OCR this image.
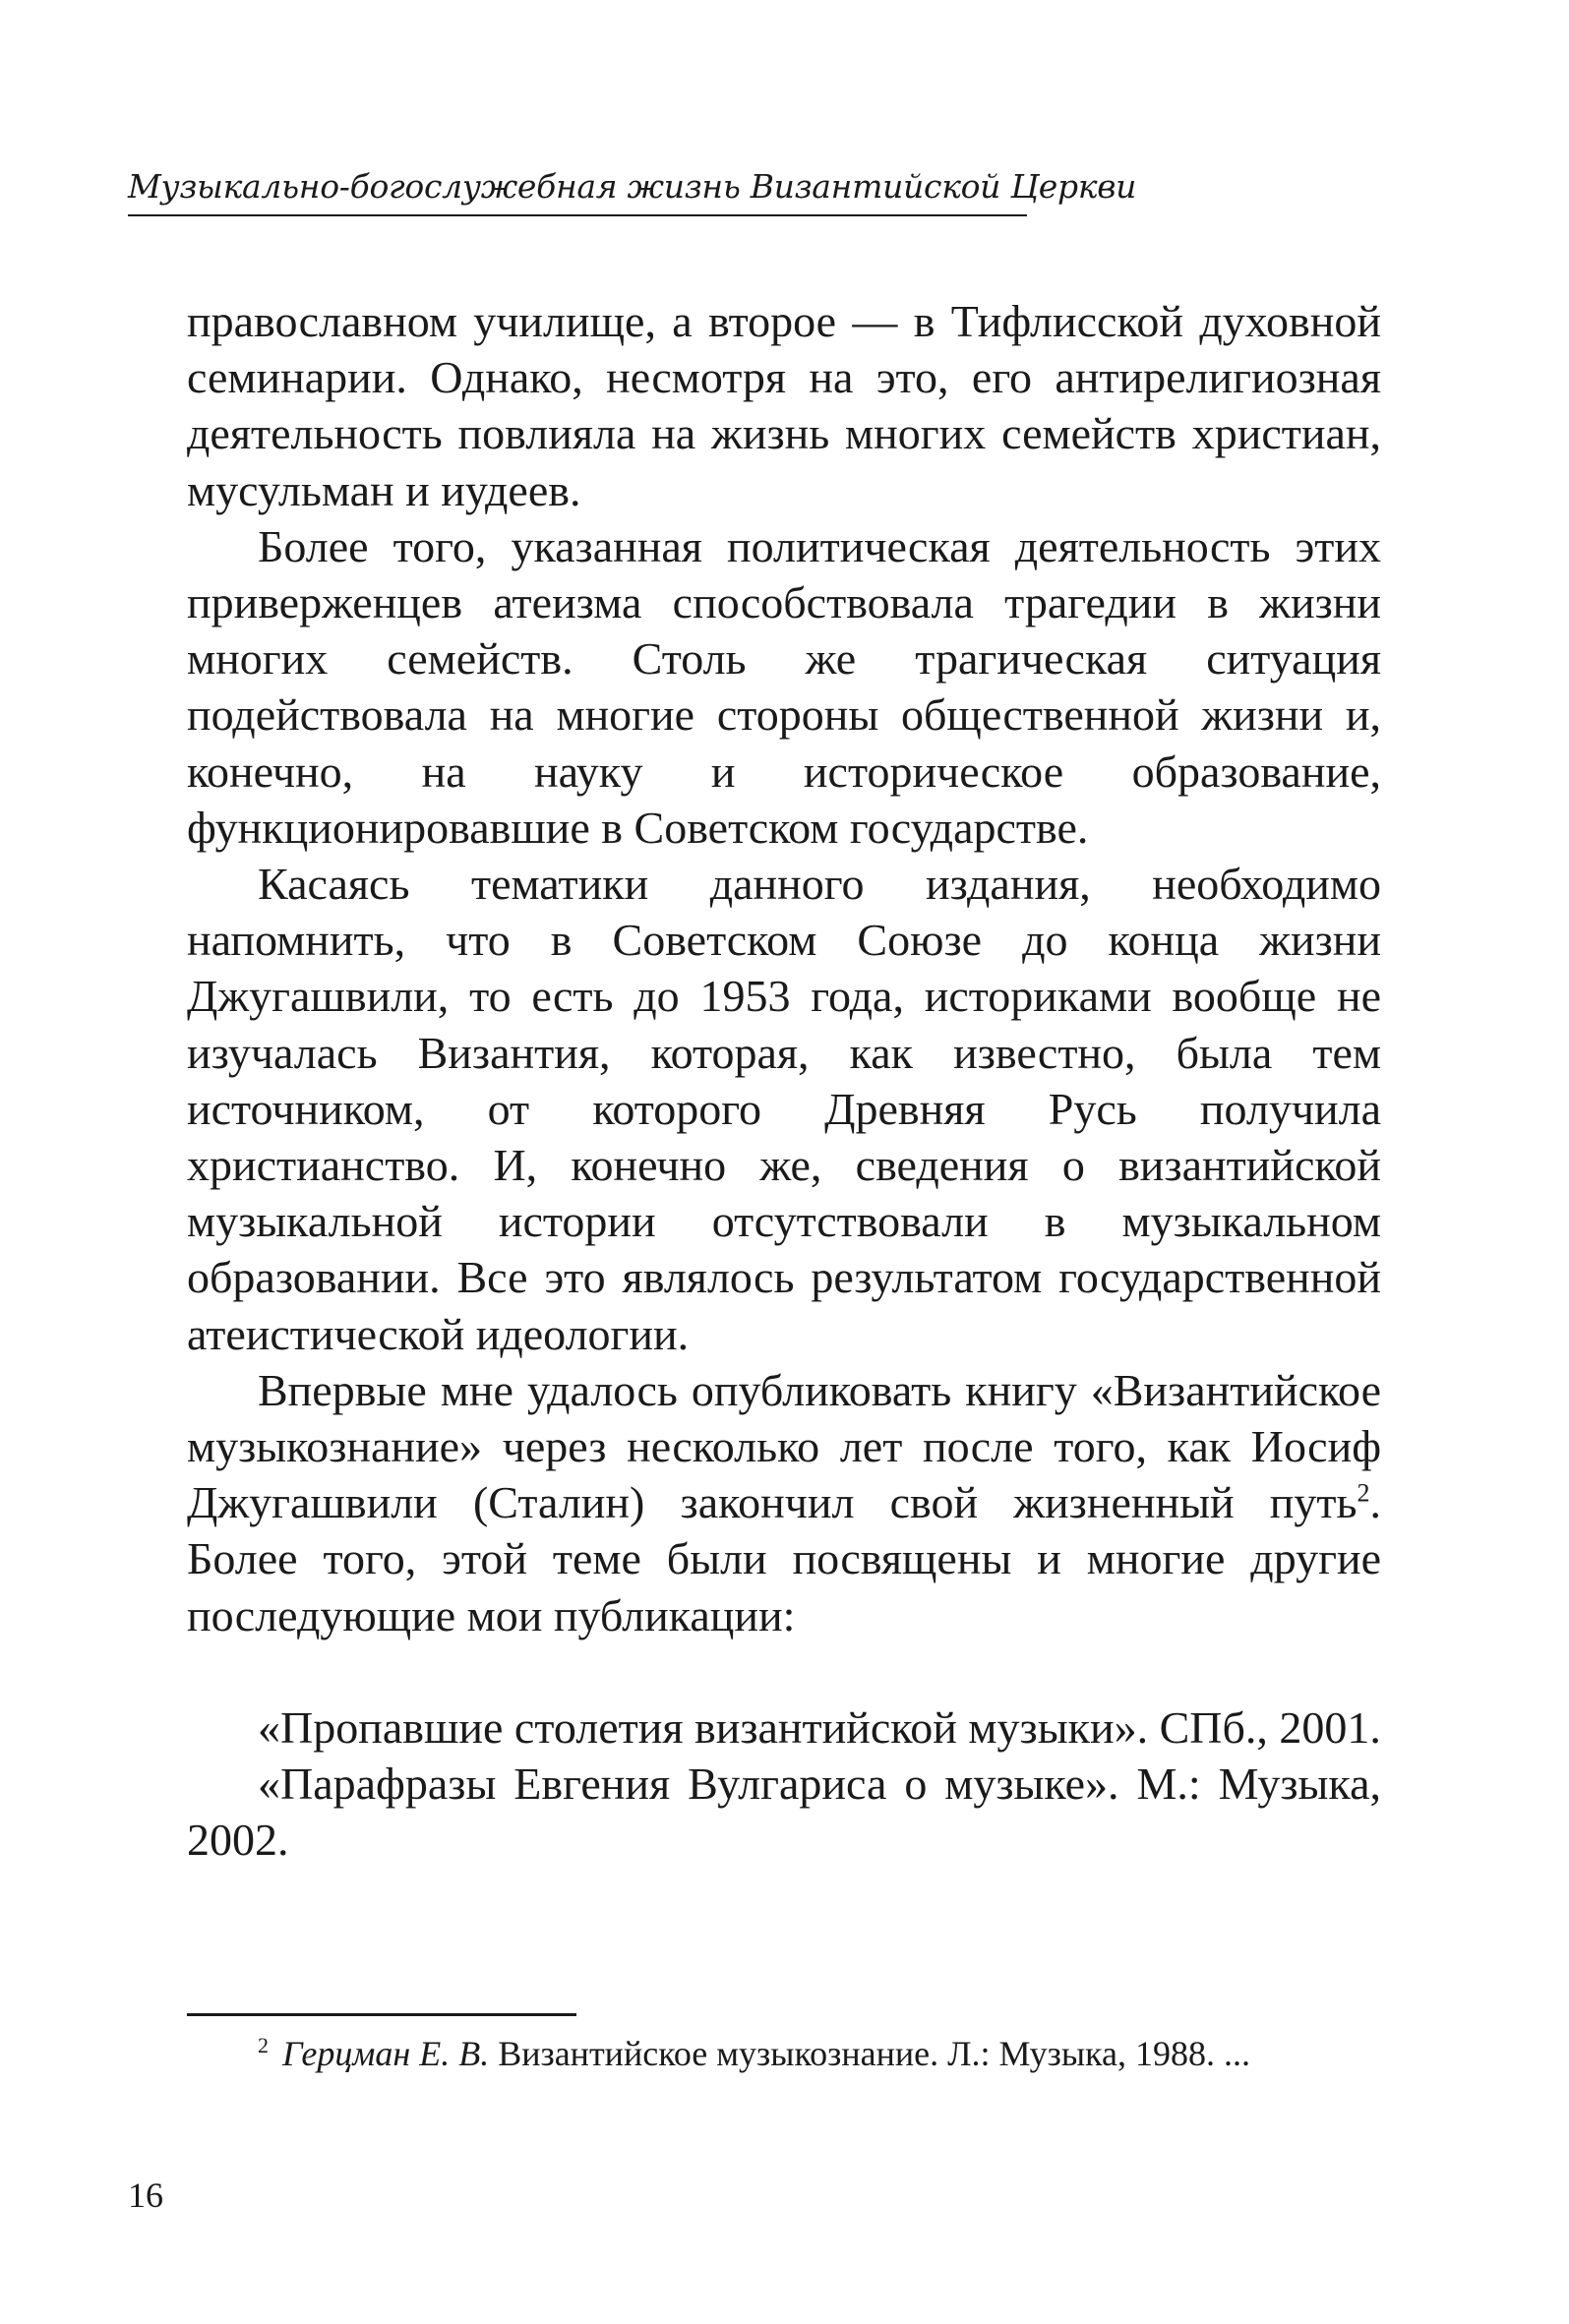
Музыкально-богослужебная жизнь Византийской Церкви

православном училище, а второе — в Тифлисской духовной семинарии. Однако, несмотря на это, его антирелигиозная деятельность повлияла на жизнь многих семейств христиан, мусульман и иудеев.

Более того, указанная политическая деятельность этих приверженцев атеизма способствовала трагедии в жизни многих семейств. Столь же трагическая ситуация подействовала на многие стороны общественной жизни и, конечно, на науку и историческое образование, функционировавшие в Советском государстве.

Касаясь тематики данного издания, необходимо напомнить, что в Советском Союзе до конца жизни Джугашвили, то есть до 1953 года, историками вообще не изучалась Византия, которая, как известно, была тем источником, от которого Древняя Русь получила христианство. И, конечно же, сведения о византийской музыкальной истории отсутствовали в музыкальном образовании. Все это являлось результатом государственной атеистической идеологии.

Впервые мне удалось опубликовать книгу «Византийское музыкознание» через несколько лет после того, как Иосиф Джугашвили (Сталин) закончил свой жизненный путь$^2$. Более того, этой теме были посвящены и многие другие последующие мои публикации:

«Пропавшие столетия византийской музыки». СПб., 2001.

«Парафразы Евгения Вулгариса о музыке». М.: Музыка, 2002.

$^2$ Герцман Е. В. Византийское музыкознание. Л.: Музыка, 1988. ...
16
